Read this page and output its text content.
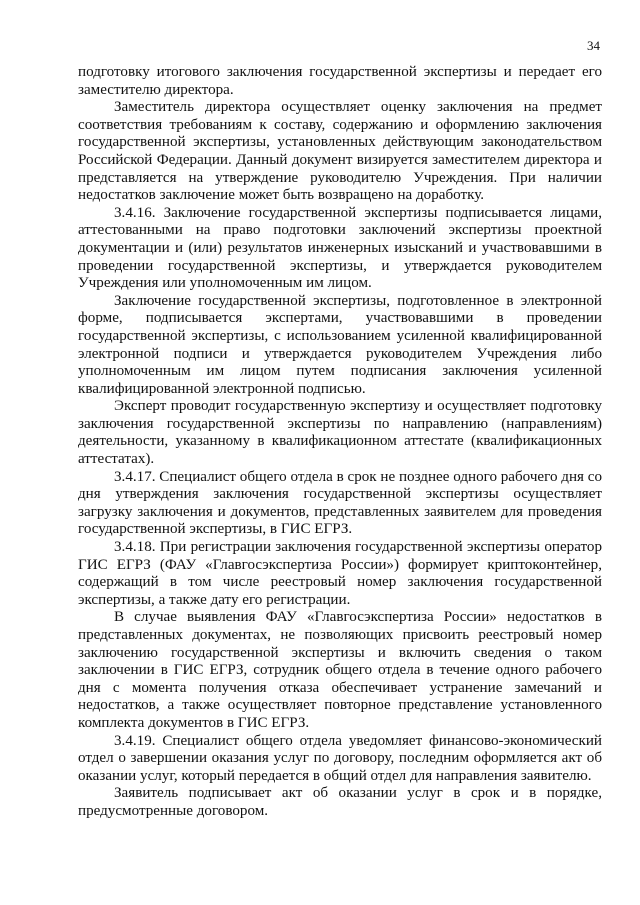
34

подготовку итогового заключения государственной экспертизы и передает его заместителю директора.

Заместитель директора осуществляет оценку заключения на предмет соответствия требованиям к составу, содержанию и оформлению заключения государственной экспертизы, установленных действующим законодательством Российской Федерации. Данный документ визируется заместителем директора и представляется на утверждение руководителю Учреждения. При наличии недостатков заключение может быть возвращено на доработку.

3.4.16. Заключение государственной экспертизы подписывается лицами, аттестованными на право подготовки заключений экспертизы проектной документации и (или) результатов инженерных изысканий и участвовавшими в проведении государственной экспертизы, и утверждается руководителем Учреждения или уполномоченным им лицом.

Заключение государственной экспертизы, подготовленное в электронной форме, подписывается экспертами, участвовавшими в проведении государственной экспертизы, с использованием усиленной квалифицированной электронной подписи и утверждается руководителем Учреждения либо уполномоченным им лицом путем подписания заключения усиленной квалифицированной электронной подписью.

Эксперт проводит государственную экспертизу и осуществляет подготовку заключения государственной экспертизы по направлению (направлениям) деятельности, указанному в квалификационном аттестате (квалификационных аттестатах).

3.4.17. Специалист общего отдела в срок не позднее одного рабочего дня со дня утверждения заключения государственной экспертизы осуществляет загрузку заключения и документов, представленных заявителем для проведения государственной экспертизы, в ГИС ЕГРЗ.

3.4.18. При регистрации заключения государственной экспертизы оператор ГИС ЕГРЗ (ФАУ «Главгосэкспертиза России») формирует криптоконтейнер, содержащий в том числе реестровый номер заключения государственной экспертизы, а также дату его регистрации.

В случае выявления ФАУ «Главгосэкспертиза России» недостатков в представленных документах, не позволяющих присвоить реестровый номер заключению государственной экспертизы и включить сведения о таком заключении в ГИС ЕГРЗ, сотрудник общего отдела в течение одного рабочего дня с момента получения отказа обеспечивает устранение замечаний и недостатков, а также осуществляет повторное представление установленного комплекта документов в ГИС ЕГРЗ.

3.4.19. Специалист общего отдела уведомляет финансово-экономический отдел о завершении оказания услуг по договору, последним оформляется акт об оказании услуг, который передается в общий отдел для направления заявителю.

Заявитель подписывает акт об оказании услуг в срок и в порядке, предусмотренные договором.
